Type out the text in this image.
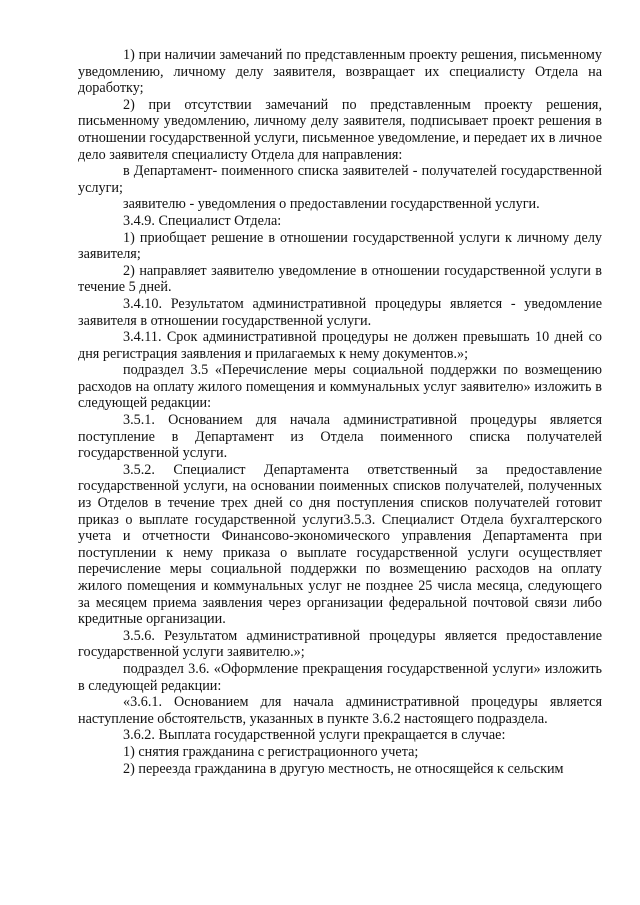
1) при наличии замечаний по представленным проекту решения, письменному уведомлению, личному делу заявителя, возвращает их специалисту Отдела на доработку;

2) при отсутствии замечаний по представленным проекту решения, письменному уведомлению, личному делу заявителя, подписывает проект решения в отношении государственной услуги, письменное уведомление, и передает их в личное дело заявителя специалисту Отдела для направления:

в Департамент- поименного списка заявителей - получателей государственной услуги;

заявителю - уведомления о предоставлении государственной услуги.

3.4.9. Специалист Отдела:

1) приобщает решение в отношении государственной услуги к личному делу заявителя;

2) направляет заявителю уведомление в отношении государственной услуги в течение 5 дней.

3.4.10. Результатом административной процедуры является - уведомление заявителя в отношении государственной услуги.

3.4.11. Срок административной процедуры не должен превышать 10 дней со дня регистрация заявления и прилагаемых к нему документов.»;

подраздел 3.5 «Перечисление меры социальной поддержки по возмещению расходов на оплату жилого помещения и коммунальных услуг заявителю» изложить в следующей редакции:

3.5.1. Основанием для начала административной процедуры является поступление в Департамент из Отдела поименного списка получателей государственной услуги.

3.5.2. Специалист Департамента ответственный за предоставление государственной услуги, на основании поименных списков получателей, полученных из Отделов в течение трех дней со дня поступления списков получателей готовит приказ о выплате государственной услуги3.5.3. Специалист Отдела бухгалтерского учета и отчетности Финансово-экономического управления Департамента при поступлении к нему приказа о выплате государственной услуги осуществляет перечисление меры социальной поддержки по возмещению расходов на оплату жилого помещения и коммунальных услуг не позднее 25 числа месяца, следующего за месяцем приема заявления через организации федеральной почтовой связи либо кредитные организации.

3.5.6. Результатом административной процедуры является предоставление государственной услуги заявителю.»;

подраздел 3.6. «Оформление прекращения государственной услуги» изложить в следующей редакции:

«3.6.1. Основанием для начала административной процедуры является наступление обстоятельств, указанных в пункте 3.6.2 настоящего подраздела.

3.6.2. Выплата государственной услуги прекращается в случае:

1) снятия гражданина с регистрационного учета;

2) переезда гражданина в другую местность, не относящейся к сельским
